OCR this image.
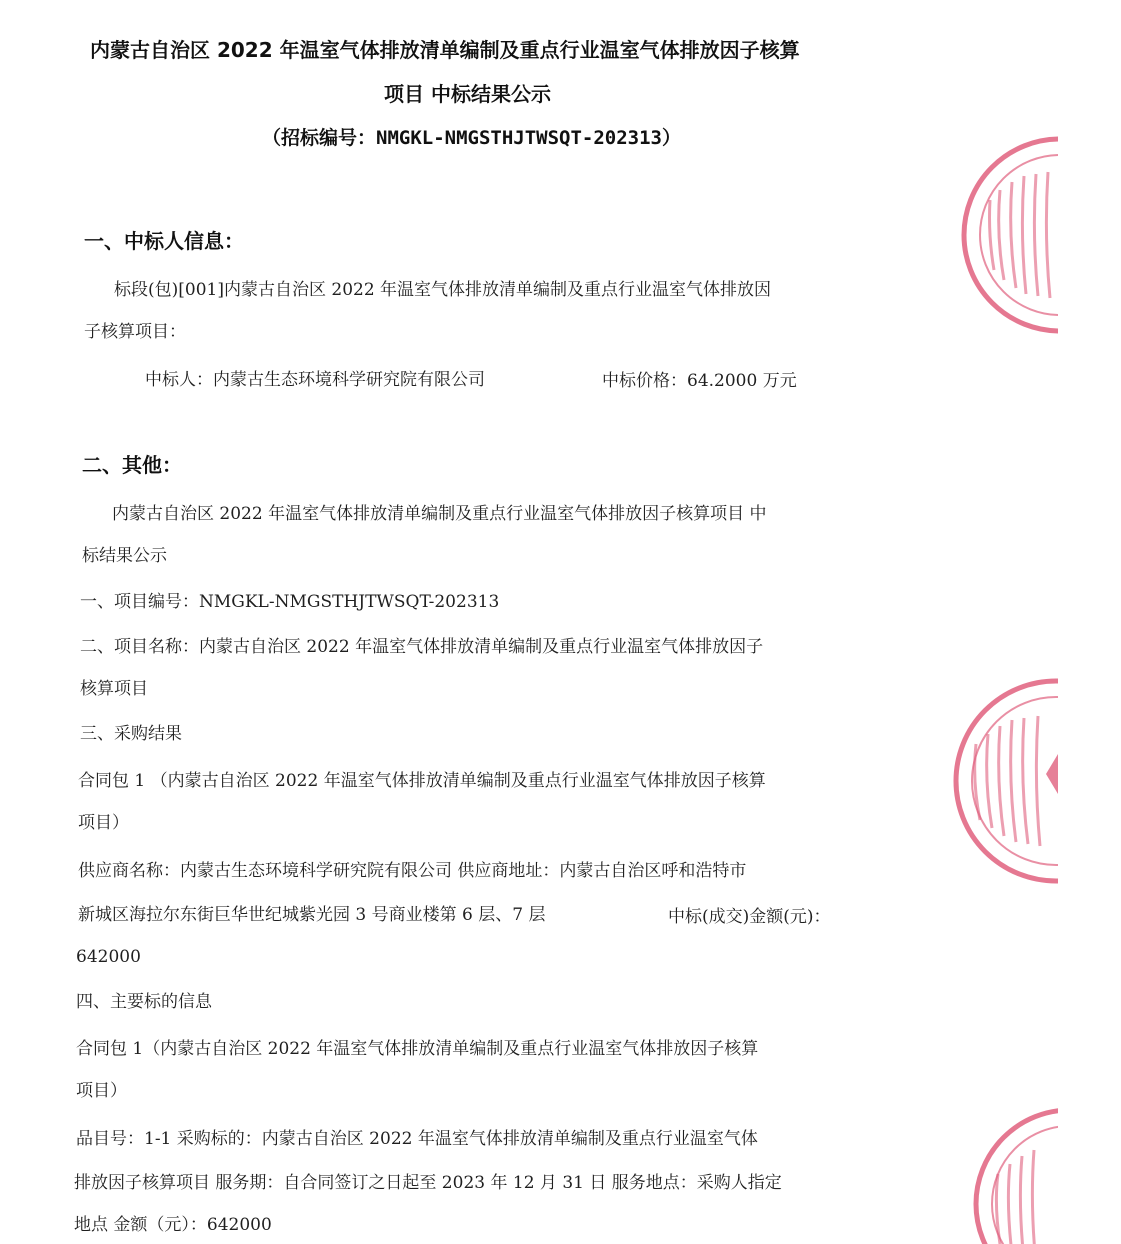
内蒙古自治区 2022 年温室气体排放清单编制及重点行业温室气体排放因子核算
项目 中标结果公示
（招标编号：NMGKL-NMGSTHJTWSQT-202313）
一、中标人信息：
标段(包)[001]内蒙古自治区 2022 年温室气体排放清单编制及重点行业温室气体排放因
子核算项目：
中标人：内蒙古生态环境科学研究院有限公司	中标价格：64.2000 万元
二、其他：
内蒙古自治区 2022 年温室气体排放清单编制及重点行业温室气体排放因子核算项目 中
标结果公示
一、项目编号：NMGKL-NMGSTHJTWSQT-202313
二、项目名称：内蒙古自治区 2022 年温室气体排放清单编制及重点行业温室气体排放因子
核算项目
三、采购结果
合同包 1 （内蒙古自治区 2022 年温室气体排放清单编制及重点行业温室气体排放因子核算
项目）
供应商名称：内蒙古生态环境科学研究院有限公司 供应商地址：内蒙古自治区呼和浩特市
新城区海拉尔东街巨华世纪城紫光园 3 号商业楼第 6 层、7 层	中标(成交)金额(元)：
642000
四、主要标的信息
合同包 1（内蒙古自治区 2022 年温室气体排放清单编制及重点行业温室气体排放因子核算
项目）
品目号：1-1 采购标的：内蒙古自治区 2022 年温室气体排放清单编制及重点行业温室气体
排放因子核算项目 服务期：自合同签订之日起至 2023 年 12 月 31 日 服务地点：采购人指定
地点 金额（元）：642000
